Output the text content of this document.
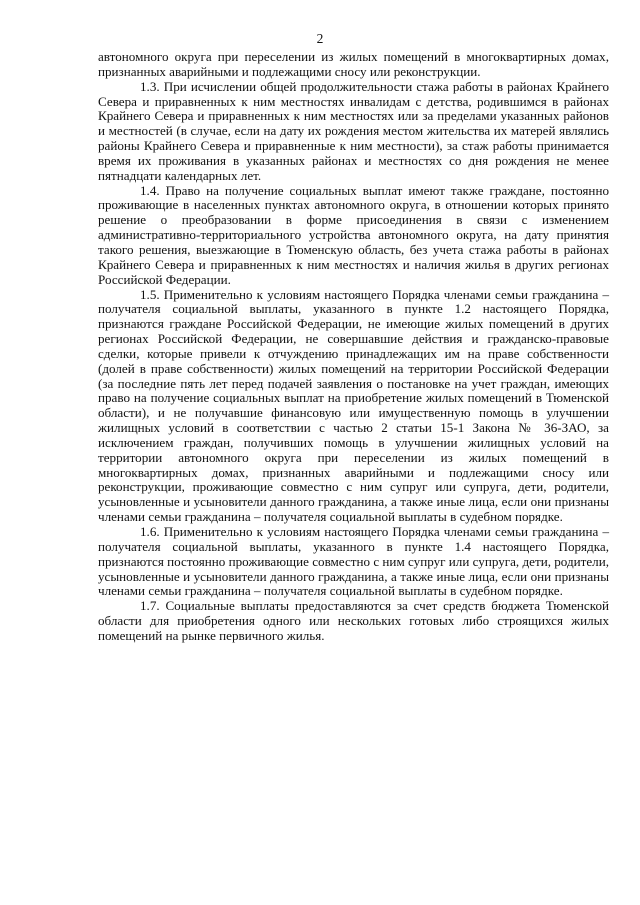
2

автономного округа при переселении из жилых помещений в многоквартирных домах, признанных аварийными и подлежащими сносу или реконструкции.

1.3. При исчислении общей продолжительности стажа работы в районах Крайнего Севера и приравненных к ним местностях инвалидам с детства, родившимся в районах Крайнего Севера и приравненных к ним местностях или за пределами указанных районов и местностей (в случае, если на дату их рождения местом жительства их матерей являлись районы Крайнего Севера и приравненные к ним местности), за стаж работы принимается время их проживания в указанных районах и местностях со дня рождения не менее пятнадцати календарных лет.

1.4. Право на получение социальных выплат имеют также граждане, постоянно проживающие в населенных пунктах автономного округа, в отношении которых принято решение о преобразовании в форме присоединения в связи с изменением административно-территориального устройства автономного округа, на дату принятия такого решения, выезжающие в Тюменскую область, без учета стажа работы в районах Крайнего Севера и приравненных к ним местностях и наличия жилья в других регионах Российской Федерации.

1.5. Применительно к условиям настоящего Порядка членами семьи гражданина – получателя социальной выплаты, указанного в пункте 1.2 настоящего Порядка, признаются граждане Российской Федерации, не имеющие жилых помещений в других регионах Российской Федерации, не совершавшие действия и гражданско-правовые сделки, которые привели к отчуждению принадлежащих им на праве собственности (долей в праве собственности) жилых помещений на территории Российской Федерации (за последние пять лет перед подачей заявления о постановке на учет граждан, имеющих право на получение социальных выплат на приобретение жилых помещений в Тюменской области), и не получавшие финансовую или имущественную помощь в улучшении жилищных условий в соответствии с частью 2 статьи 15-1 Закона № 36-ЗАО, за исключением граждан, получивших помощь в улучшении жилищных условий на территории автономного округа при переселении из жилых помещений в многоквартирных домах, признанных аварийными и подлежащими сносу или реконструкции, проживающие совместно с ним супруг или супруга, дети, родители, усыновленные и усыновители данного гражданина, а также иные лица, если они признаны членами семьи гражданина – получателя социальной выплаты в судебном порядке.

1.6. Применительно к условиям настоящего Порядка членами семьи гражданина – получателя социальной выплаты, указанного в пункте 1.4 настоящего Порядка, признаются постоянно проживающие совместно с ним супруг или супруга, дети, родители, усыновленные и усыновители данного гражданина, а также иные лица, если они признаны членами семьи гражданина – получателя социальной выплаты в судебном порядке.

1.7. Социальные выплаты предоставляются за счет средств бюджета Тюменской области для приобретения одного или нескольких готовых либо строящихся жилых помещений на рынке первичного жилья.
